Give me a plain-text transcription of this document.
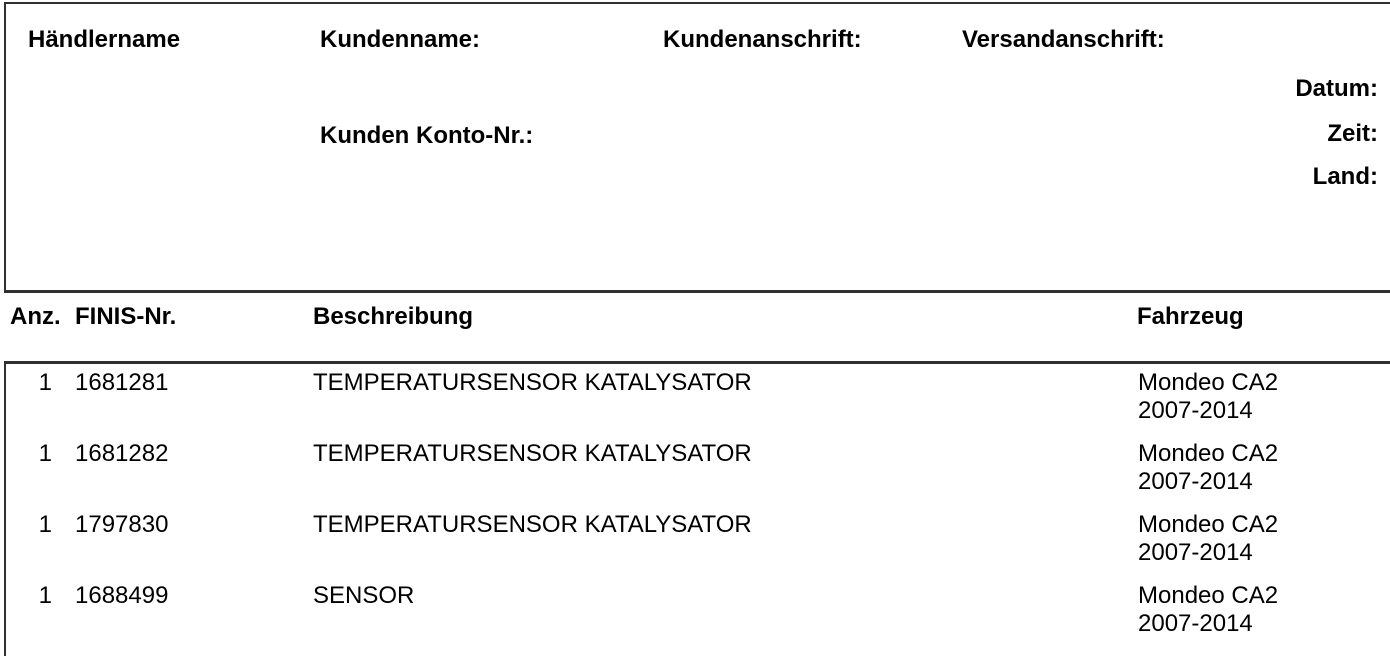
Händlername	Kundenname:	Kundenanschrift:	Versandanschrift:
Kunden Konto-Nr.:
Datum:
Zeit:
Land:
Anz. FINIS-Nr.	Beschreibung	Fahrzeug
1 1681281	TEMPERATURSENSOR KATALYSATOR	Mondeo CA2
2007-2014
1 1681282	TEMPERATURSENSOR KATALYSATOR	Mondeo CA2
2007-2014
1 1797830	TEMPERATURSENSOR KATALYSATOR	Mondeo CA2
2007-2014
1 1688499	SENSOR	Mondeo CA2
2007-2014
